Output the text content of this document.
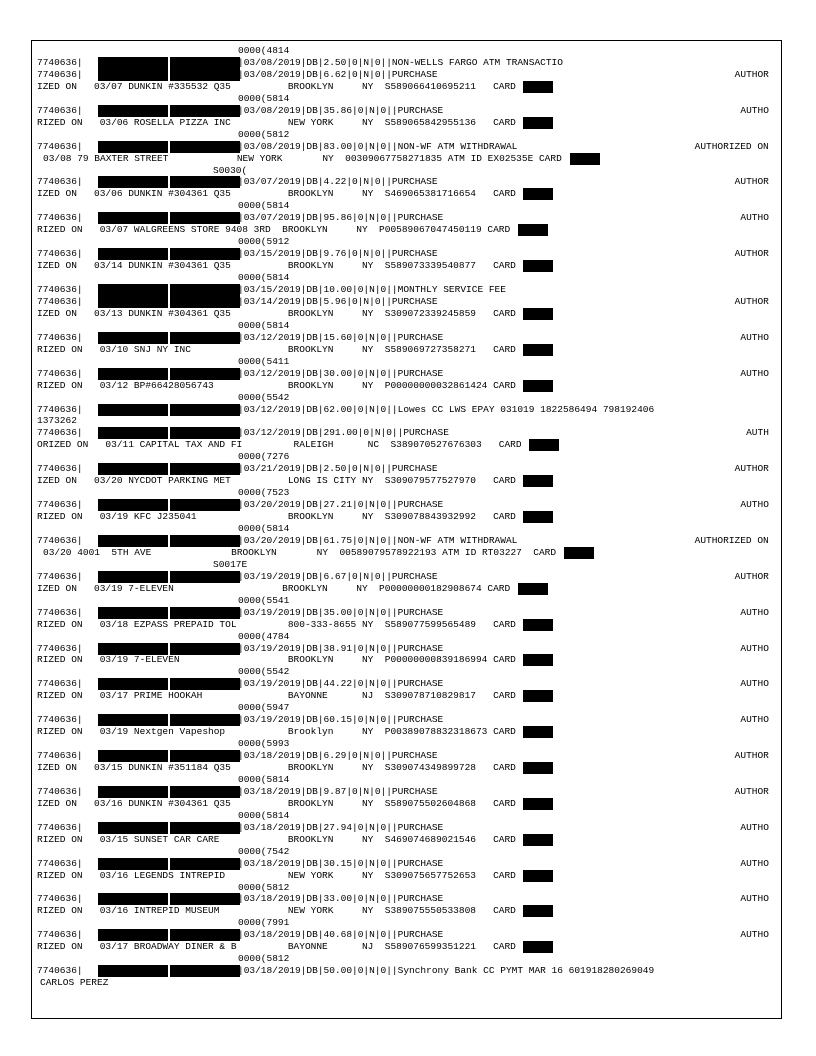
0000(4814
7740636|	|03/08/2019|DB|2.50|0|N|0||NON-WELLS FARGO ATM TRANSACTIO
7740636|	|03/08/2019|DB|6.62|0|N|0||PURCHASE	AUTHOR
IZED ON   03/07 DUNKIN #335532 Q35          BROOKLYN     NY  S589066410695211   CARD
0000(5814
7740636|	|03/08/2019|DB|35.86|0|N|0||PURCHASE	AUTHO
RIZED ON   03/06 ROSELLA PIZZA INC          NEW YORK     NY  S589065842955136   CARD
0000(5812
7740636|	|03/08/2019|DB|83.00|0|N|0||NON-WF ATM WITHDRAWAL	AUTHORIZED ON
03/08 79 BAXTER STREET            NEW YORK       NY  00309067758271835 ATM ID EX02535E CARD
S0030(
7740636|	|03/07/2019|DB|4.22|0|N|0||PURCHASE	AUTHOR
IZED ON   03/06 DUNKIN #304361 Q35          BROOKLYN     NY  S469065381716654   CARD
0000(5814
7740636|	|03/07/2019|DB|95.86|0|N|0||PURCHASE	AUTHO
RIZED ON   03/07 WALGREENS STORE 9408 3RD  BROOKLYN     NY  P00589067047450119 CARD
0000(5912
7740636|	|03/15/2019|DB|9.76|0|N|0||PURCHASE	AUTHOR
IZED ON   03/14 DUNKIN #304361 Q35          BROOKLYN     NY  S589073339540877   CARD
0000(5814
7740636|	|03/15/2019|DB|10.00|0|N|0||MONTHLY SERVICE FEE
7740636|	|03/14/2019|DB|5.96|0|N|0||PURCHASE	AUTHOR
IZED ON   03/13 DUNKIN #304361 Q35          BROOKLYN     NY  S309072339245859   CARD
0000(5814
7740636|	|03/12/2019|DB|15.60|0|N|0||PURCHASE	AUTHO
RIZED ON   03/10 SNJ NY INC                 BROOKLYN     NY  S589069727358271   CARD
0000(5411
7740636|	|03/12/2019|DB|30.00|0|N|0||PURCHASE	AUTHO
RIZED ON   03/12 BP#66428056743             BROOKLYN     NY  P00000000032861424 CARD
0000(5542
7740636|	|03/12/2019|DB|62.00|0|N|0||Lowes CC LWS EPAY 031019 1822586494 798192406
1373262
7740636|	|03/12/2019|DB|291.00|0|N|0||PURCHASE	AUTH
ORIZED ON   03/11 CAPITAL TAX AND FI         RALEIGH      NC  S389070527676303   CARD
0000(7276
7740636|	|03/21/2019|DB|2.50|0|N|0||PURCHASE	AUTHOR
IZED ON   03/20 NYCDOT PARKING MET          LONG IS CITY NY  S309079577527970   CARD
0000(7523
7740636|	|03/20/2019|DB|27.21|0|N|0||PURCHASE	AUTHO
RIZED ON   03/19 KFC J235041                BROOKLYN     NY  S309078843932992   CARD
0000(5814
7740636|	|03/20/2019|DB|61.75|0|N|0||NON-WF ATM WITHDRAWAL	AUTHORIZED ON
03/20 4001  5TH AVE              BROOKLYN       NY  00589079578922193 ATM ID RT03227  CARD
S0017E
7740636|	|03/19/2019|DB|6.67|0|N|0||PURCHASE	AUTHOR
IZED ON   03/19 7-ELEVEN                   BROOKLYN     NY  P00000000182908674 CARD
0000(5541
7740636|	|03/19/2019|DB|35.00|0|N|0||PURCHASE	AUTHO
RIZED ON   03/18 EZPASS PREPAID TOL         800-333-8655 NY  S589077599565489   CARD
0000(4784
7740636|	|03/19/2019|DB|38.91|0|N|0||PURCHASE	AUTHO
RIZED ON   03/19 7-ELEVEN                   BROOKLYN     NY  P00000000839186994 CARD
0000(5542
7740636|	|03/19/2019|DB|44.22|0|N|0||PURCHASE	AUTHO
RIZED ON   03/17 PRIME HOOKAH               BAYONNE      NJ  S309078710829817   CARD
0000(5947
7740636|	|03/19/2019|DB|60.15|0|N|0||PURCHASE	AUTHO
RIZED ON   03/19 Nextgen Vapeshop           Brooklyn     NY  P00389078832318673 CARD
0000(5993
7740636|	|03/18/2019|DB|6.29|0|N|0||PURCHASE	AUTHOR
IZED ON   03/15 DUNKIN #351184 Q35          BROOKLYN     NY  S309074349899728   CARD
0000(5814
7740636|	|03/18/2019|DB|9.87|0|N|0||PURCHASE	AUTHOR
IZED ON   03/16 DUNKIN #304361 Q35          BROOKLYN     NY  S589075502604868   CARD
0000(5814
7740636|	|03/18/2019|DB|27.94|0|N|0||PURCHASE	AUTHO
RIZED ON   03/15 SUNSET CAR CARE            BROOKLYN     NY  S469074689021546   CARD
0000(7542
7740636|	|03/18/2019|DB|30.15|0|N|0||PURCHASE	AUTHO
RIZED ON   03/16 LEGENDS INTREPID           NEW YORK     NY  S309075657752653   CARD
0000(5812
7740636|	|03/18/2019|DB|33.00|0|N|0||PURCHASE	AUTHO
RIZED ON   03/16 INTREPID MUSEUM            NEW YORK     NY  S389075550533808   CARD
0000(7991
7740636|	|03/18/2019|DB|40.68|0|N|0||PURCHASE	AUTHO
RIZED ON   03/17 BROADWAY DINER & B         BAYONNE      NJ  S589076599351221   CARD
0000(5812
7740636|	|03/18/2019|DB|50.00|0|N|0||Synchrony Bank CC PYMT MAR 16 601918280269049
CARLOS PEREZ
